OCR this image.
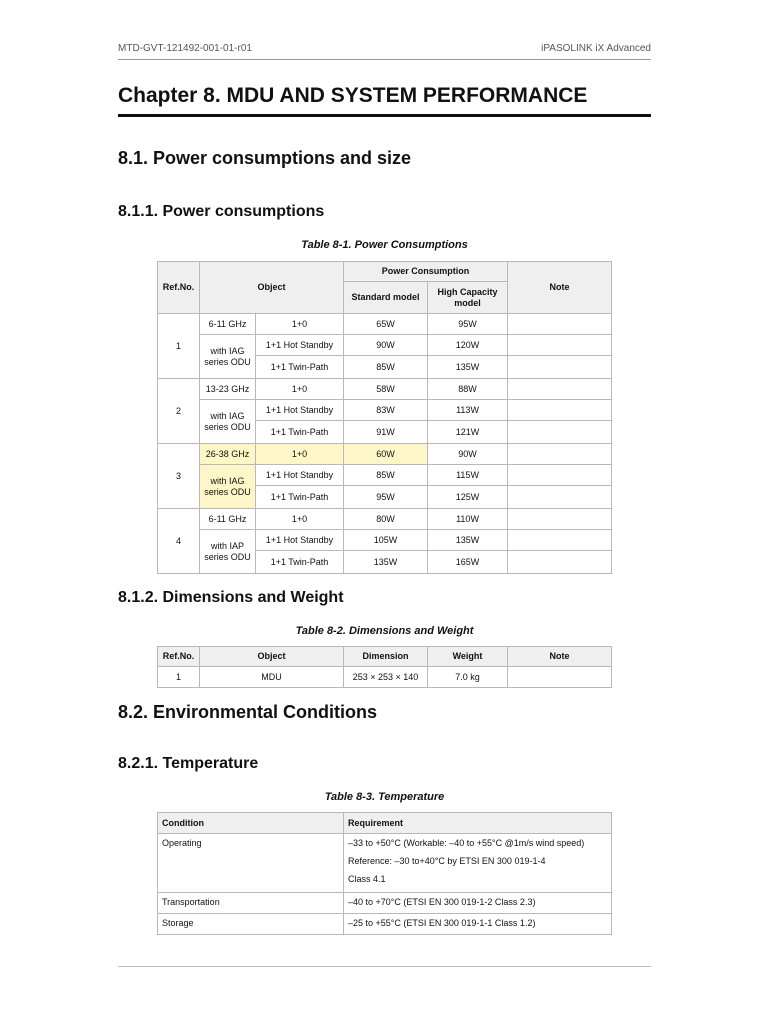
MTD-GVT-121492-001-01-r01	iPASOLINK iX Advanced
Chapter 8. MDU AND SYSTEM PERFORMANCE
8.1. Power consumptions and size
8.1.1. Power consumptions
Table 8-1. Power Consumptions
Ref.No.	Object		Power Consumption		Note
			Standard model	High Capacity model	
1	6-11 GHz	1+0	65W	95W	
	with IAG series ODU	1+1 Hot Standby	90W	120W	
		1+1 Twin-Path	85W	135W	
2	13-23 GHz	1+0	58W	88W	
	with IAG series ODU	1+1 Hot Standby	83W	113W	
		1+1 Twin-Path	91W	121W	
3	26-38 GHz	1+0	60W	90W	
	with IAG series ODU	1+1 Hot Standby	85W	115W	
		1+1 Twin-Path	95W	125W	
4	6-11 GHz	1+0	80W	110W	
	with IAP series ODU	1+1 Hot Standby	105W	135W	
		1+1 Twin-Path	135W	165W	
8.1.2. Dimensions and Weight
Table 8-2. Dimensions and Weight
Ref.No.	Object	Dimension	Weight	Note
1	MDU	253 × 253 × 140	7.0 kg	
8.2. Environmental Conditions
8.2.1. Temperature
Table 8-3. Temperature
Condition	Requirement
Operating	–33 to +50°C (Workable: –40 to +55°C @1m/s wind speed)
Reference: –30 to+40°C by ETSI EN 300 019-1-4
Class 4.1

Transportation	–40 to +70°C (ETSI EN 300 019-1-2 Class 2.3)
Storage	–25 to +55°C (ETSI EN 300 019-1-1 Class 1.2)
